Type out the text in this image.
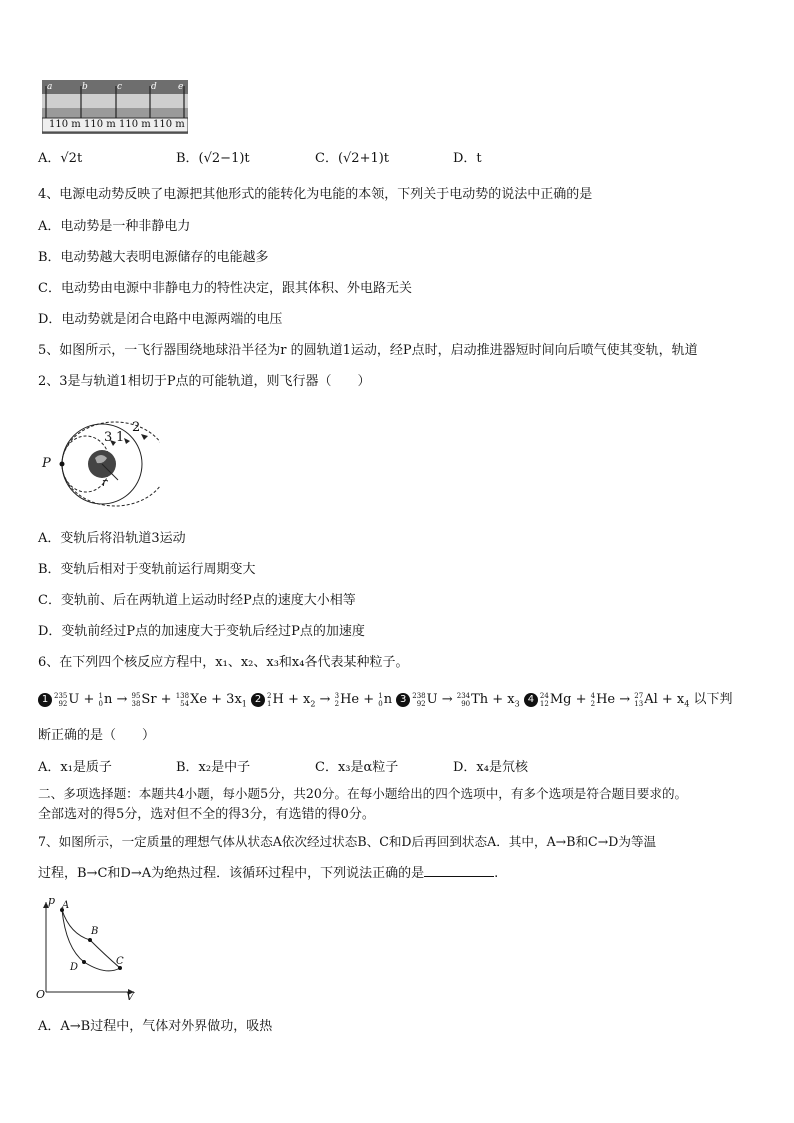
a	b	c	d e
110 m 110 m 110 m 110 m
A．√2t	B．(√2−1)t	C．(√2+1)t	D．t
4、电源电动势反映了电源把其他形式的能转化为电能的本领，下列关于电动势的说法中正确的是
A．电动势是一种非静电力
B．电动势越大表明电源储存的电能越多
C．电动势由电源中非静电力的特性决定，跟其体积、外电路无关
D．电动势就是闭合电路中电源两端的电压
5、如图所示，一飞行器围绕地球沿半径为r 的圆轨道1运动，经P点时，启动推进器短时间向后喷气使其变轨，轨道
2、3是与轨道1相切于P点的可能轨道，则飞行器（　　）
P
3 1
2
r
A．变轨后将沿轨道3运动
B．变轨后相对于变轨前运行周期变大
C．变轨前、后在两轨道上运动时经P点的速度大小相等
D．变轨前经过P点的加速度大于变轨后经过P点的加速度
6、在下列四个核反应方程中，x₁、x₂、x₃和x₄各代表某种粒子。
1 235
92 U + 1
0 n → 95
38 Sr + 138
54 $Xe + 3x_1$ 2 2
1 $H + x_2 \to 3$
2 He + 1
0 n 3 238
92 U → 234
90 $Th + x_3$ 4 24
12 Mg + 4
2 He → 27
13 $Al + x_4$ 以下判
断正确的是（　　）
A．x₁是质子	B．x₂是中子	C．x₃是α粒子	D．x₄是氘核
二、多项选择题：本题共4小题，每小题5分，共20分。在每小题给出的四个选项中，有多个选项是符合题目要求的。
全部选对的得5分，选对但不全的得3分，有选错的得0分。
7、如图所示，一定质量的理想气体从状态A依次经过状态B、C和D后再回到状态A．其中，A→B和C→D为等温
过程，B→C和D→A为绝热过程．该循环过程中，下列说法正确的是	.
p
V
O
A
B
C
D
A．A→B过程中，气体对外界做功，吸热
